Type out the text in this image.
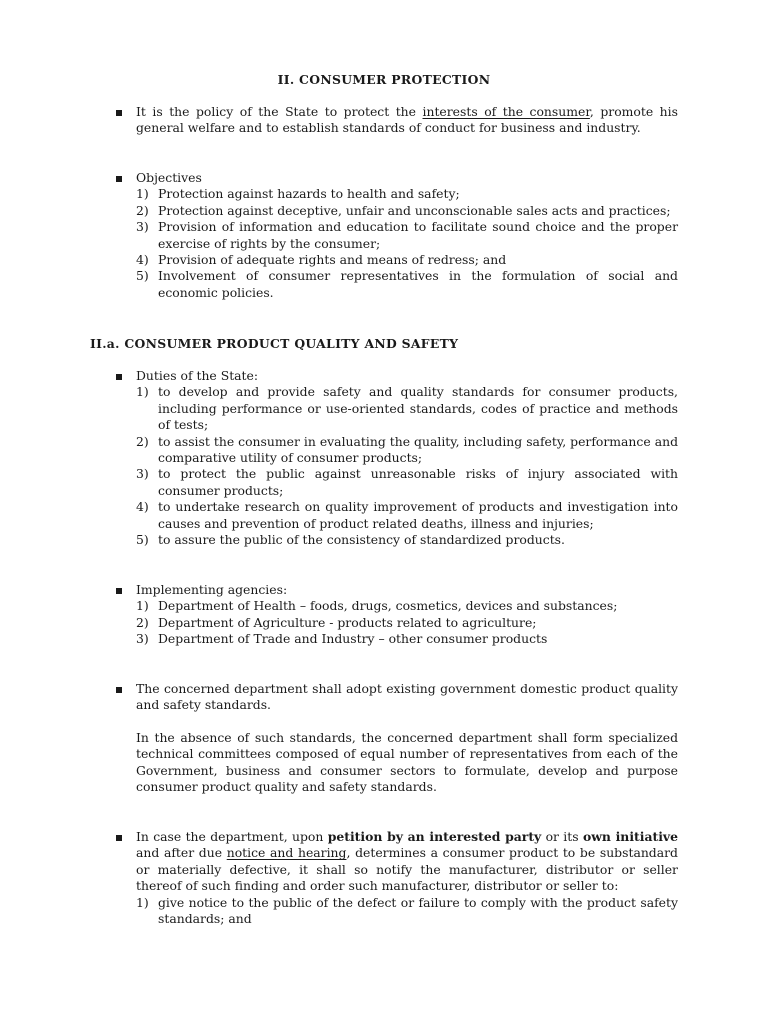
II. CONSUMER PROTECTION
It is the policy of the State to protect the interests of the consumer, promote his general welfare and to establish standards of conduct for business and industry.
Objectives
1) Protection against hazards to health and safety;
2) Protection against deceptive, unfair and unconscionable sales acts and practices;
3) Provision of information and education to facilitate sound choice and the proper exercise of rights by the consumer;
4) Provision of adequate rights and means of redress; and
5) Involvement of consumer representatives in the formulation of social and economic policies.
II.a. CONSUMER PRODUCT QUALITY AND SAFETY
Duties of the State:
1) to develop and provide safety and quality standards for consumer products, including performance or use-oriented standards, codes of practice and methods of tests;
2) to assist the consumer in evaluating the quality, including safety, performance and comparative utility of consumer products;
3) to protect the public against unreasonable risks of injury associated with consumer products;
4) to undertake research on quality improvement of products and investigation into causes and prevention of product related deaths, illness and injuries;
5) to assure the public of the consistency of standardized products.
Implementing agencies:
1) Department of Health – foods, drugs, cosmetics, devices and substances;
2) Department of Agriculture - products related to agriculture;
3) Department of Trade and Industry – other consumer products
The concerned department shall adopt existing government domestic product quality and safety standards.
In the absence of such standards, the concerned department shall form specialized technical committees composed of equal number of representatives from each of the Government, business and consumer sectors to formulate, develop and purpose consumer product quality and safety standards.
In case the department, upon petition by an interested party or its own initiative and after due notice and hearing, determines a consumer product to be substandard or materially defective, it shall so notify the manufacturer, distributor or seller thereof of such finding and order such manufacturer, distributor or seller to:
1) give notice to the public of the defect or failure to comply with the product safety standards; and
